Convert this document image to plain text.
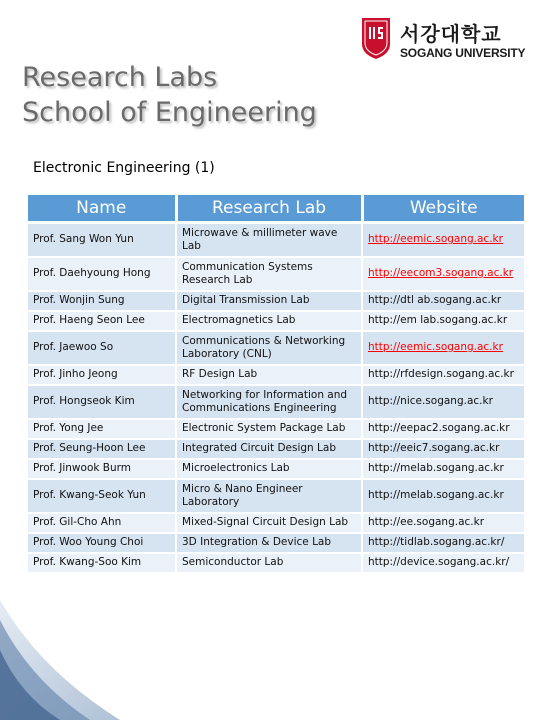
서강대학교
SOGANG UNIVERSITY
Research Labs
School of Engineering
Electronic Engineering (1)
Name	Research Lab	Website
Prof. Sang Won Yun	Microwave & millimeter wave Lab	http://eemic.sogang.ac.kr
Prof. Daehyoung Hong	Communication Systems Research Lab	http://eecom3.sogang.ac.kr
Prof. Wonjin Sung	Digital Transmission Lab	http://dtl ab.sogang.ac.kr
Prof. Haeng Seon Lee	Electromagnetics Lab	http://em lab.sogang.ac.kr
Prof. Jaewoo So	Communications & Networking Laboratory (CNL)	http://eemic.sogang.ac.kr
Prof. Jinho Jeong	RF Design Lab	http://rfdesign.sogang.ac.kr
Prof. Hongseok Kim	Networking for Information and Communications Engineering	http://nice.sogang.ac.kr
Prof. Yong Jee	Electronic System Package Lab	http://eepac2.sogang.ac.kr
Prof. Seung-Hoon Lee	Integrated Circuit Design Lab	http://eeic7.sogang.ac.kr
Prof. Jinwook Burm	Microelectronics Lab	http://melab.sogang.ac.kr
Prof. Kwang-Seok Yun	Micro & Nano Engineer Laboratory	http://melab.sogang.ac.kr
Prof. Gil-Cho Ahn	Mixed-Signal Circuit Design Lab	http://ee.sogang.ac.kr
Prof. Woo Young Choi	3D Integration & Device Lab	http://tidlab.sogang.ac.kr/
Prof. Kwang-Soo Kim	Semiconductor Lab	http://device.sogang.ac.kr/
